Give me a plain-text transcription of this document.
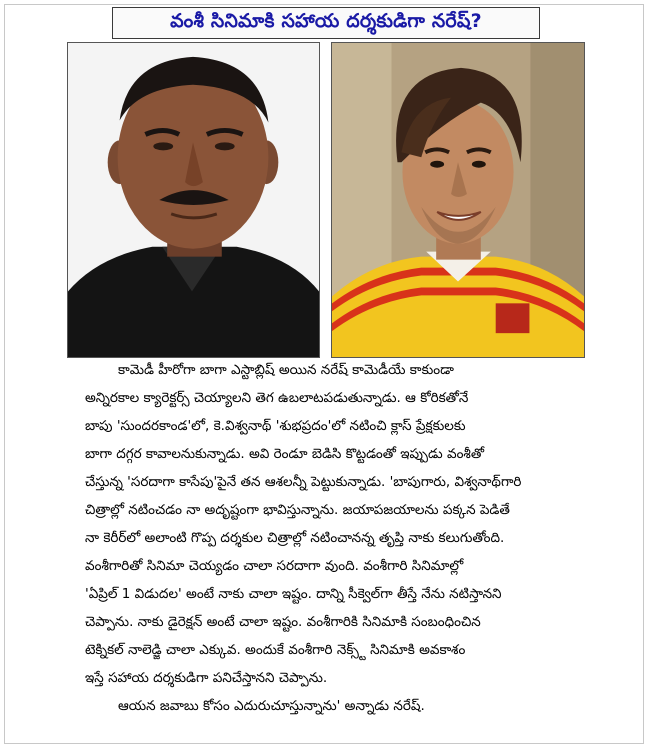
వంశీ సినిమాకి సహాయ దర్శకుడిగా నరేష్?
కామెడీ హీరోగా బాగా ఎస్టాబ్లిష్ అయిన నరేష్ కామెడీయే కాకుండా
అన్నిరకాల క్యారెక్టర్స్ చెయ్యాలని తెగ ఉబలాటపడుతున్నాడు. ఆ కోరికతోనే
బాపు 'సుందరకాండ'లో, కె.విశ్వనాథ్ 'శుభప్రదం'లో నటించి క్లాస్ ప్రేక్షకులకు
బాగా దగ్గర కావాలనుకున్నాడు. అవి రెండూ బెడిసి కొట్టడంతో ఇప్పుడు వంశీతో
చేస్తున్న 'సరదాగా కాసేపు'పైనే తన ఆశలన్నీ పెట్టుకున్నాడు. 'బాపుగారు, విశ్వనాథ్‌గారి
చిత్రాల్లో నటించడం నా అదృష్టంగా భావిస్తున్నాను. జయాపజయాలను పక్కన పెడితే
నా కెరీర్‌లో అలాంటి గొప్ప దర్శకుల చిత్రాల్లో నటించానన్న తృప్తి నాకు కలుగుతోంది.
వంశీగారితో సినిమా చెయ్యడం చాలా సరదాగా వుంది. వంశీగారి సినిమాల్లో
'ఏప్రిల్ 1 విడుదల' అంటే నాకు చాలా ఇష్టం. దాన్ని సీక్వెల్‌గా తీస్తే నేను నటిస్తానని
చెప్పాను. నాకు డైరెక్షన్ అంటే చాలా ఇష్టం. వంశీగారికి సినిమాకి సంబంధించిన
టెక్నికల్ నాలెడ్జి చాలా ఎక్కువ. అందుకే వంశీగారి నెక్స్ట్ సినిమాకి అవకాశం
ఇస్తే సహాయ దర్శకుడిగా పనిచేస్తానని చెప్పాను.
ఆయన జవాబు కోసం ఎదురుచూస్తున్నాను' అన్నాడు నరేష్.
